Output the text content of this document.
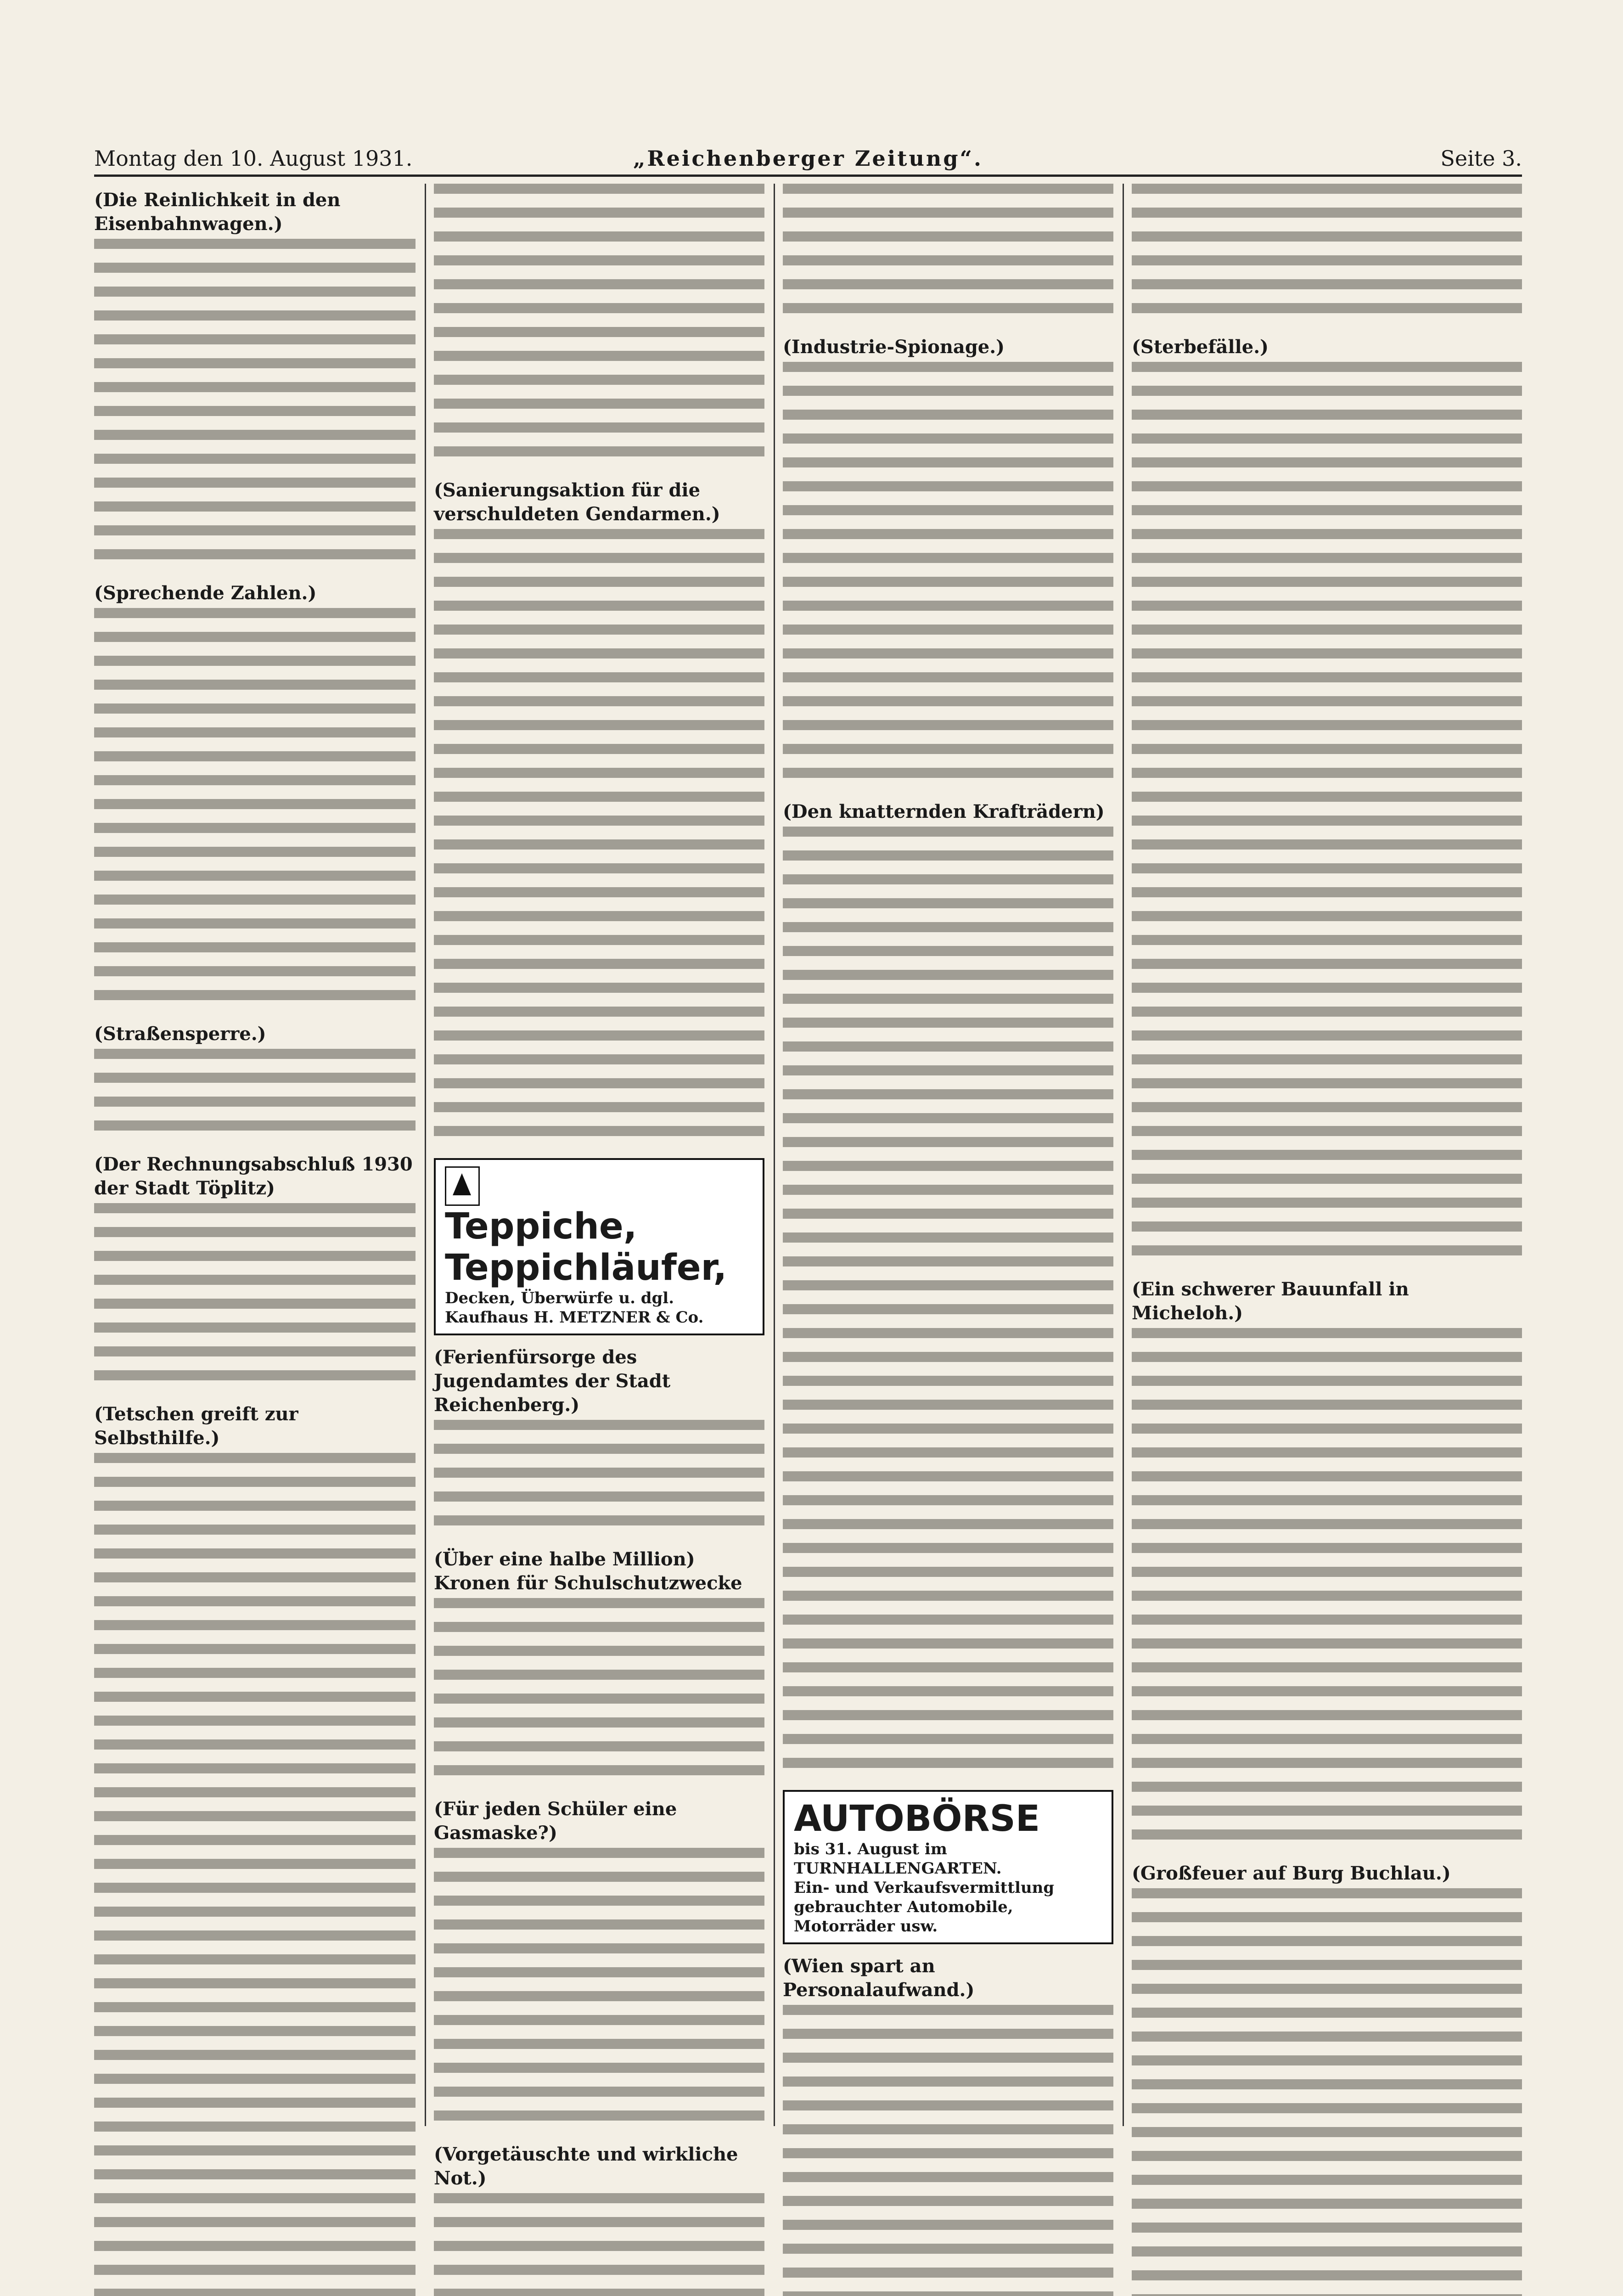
Montag den 10. August 1931.	„Reichenberger Zeitung“.	Seite 3.
(Die Reinlichkeit in den Eisenbahnwagen.)
(Sprechende Zahlen.)
(Straßensperre.)
(Der Rechnungsabschluß 1930 der Stadt Töplitz)
(Tetschen greift zur Selbsthilfe.)
(Sanierungsaktion für die verschuldeten Gendarmen.)
Teppiche, Teppichläufer,
Decken, Überwürfe u. dgl.
Kaufhaus H. METZNER & Co.
(Ferienfürsorge des Jugendamtes der Stadt Reichenberg.)
(Über eine halbe Million) Kronen für Schulschutzwecke
(Für jeden Schüler eine Gasmaske?)
(Vorgetäuschte und wirkliche Not.)
(Industrie-Spionage.)
(Den knatternden Krafträdern)
AUTOBÖRSE
bis 31. August im TURNHALLENGARTEN.
Ein- und Verkaufsvermittlung gebrauchter Automobile, Motorräder usw.
(Wien spart an Personalaufwand.)
(Sterbefälle.)
(Ein schwerer Bauunfall in Micheloh.)
(Großfeuer auf Burg Buchlau.)
